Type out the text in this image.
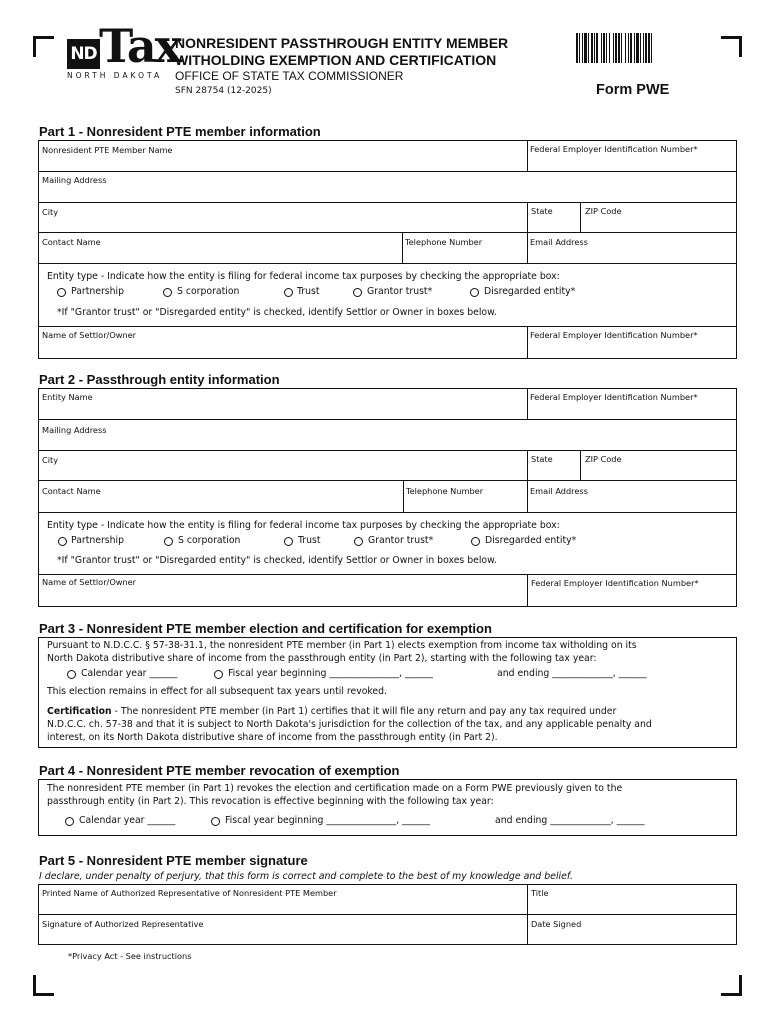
ND Tax
NORTH DAKOTA
NONRESIDENT PASSTHROUGH ENTITY MEMBER
WITHOLDING EXEMPTION AND CERTIFICATION
OFFICE OF STATE TAX COMMISSIONER
SFN 28754 (12-2025)	Form PWE
Part 1 - Nonresident PTE member information
Nonresident PTE Member Name	Federal Employer Identification Number*
Mailing Address
City	State	ZIP Code
Contact Name	Telephone Number	Email Address
Entity type - Indicate how the entity is filing for federal income tax purposes by checking the appropriate box:
Partnership	S corporation	Trust	Grantor trust*	Disregarded entity*
*If "Grantor trust" or "Disregarded entity" is checked, identify Settlor or Owner in boxes below.
Name of Settlor/Owner	Federal Employer Identification Number*
Part 2 - Passthrough entity information
Entity Name	Federal Employer Identification Number*
Mailing Address
City	State	ZIP Code
Contact Name	Telephone Number	Email Address
Entity type - Indicate how the entity is filing for federal income tax purposes by checking the appropriate box:
Partnership	S corporation	Trust	Grantor trust*	Disregarded entity*
*If "Grantor trust" or "Disregarded entity" is checked, identify Settlor or Owner in boxes below.
Name of Settlor/Owner	Federal Employer Identification Number*
Part 3 - Nonresident PTE member election and certification for exemption
Pursuant to N.D.C.C. § 57-38-31.1, the nonresident PTE member (in Part 1) elects exemption from income tax witholding on its
North Dakota distributive share of income from the passthrough entity (in Part 2), starting with the following tax year:
Calendar year ______	Fiscal year beginning _______________, ______	and ending _____________, ______
This election remains in effect for all subsequent tax years until revoked.
Certification - The nonresident PTE member (in Part 1) certifies that it will file any return and pay any tax required under
N.D.C.C. ch. 57-38 and that it is subject to North Dakota's jurisdiction for the collection of the tax, and any applicable penalty and
interest, on its North Dakota distributive share of income from the passthrough entity (in Part 2).
Part 4 - Nonresident PTE member revocation of exemption
The nonresident PTE member (in Part 1) revokes the election and certification made on a Form PWE previously given to the
passthrough entity (in Part 2). This revocation is effective beginning with the following tax year:
Calendar year ______	Fiscal year beginning _______________, ______	and ending _____________, ______
Part 5 - Nonresident PTE member signature
I declare, under penalty of perjury, that this form is correct and complete to the best of my knowledge and belief.
Printed Name of Authorized Representative of Nonresident PTE Member	Title
Signature of Authorized Representative	Date Signed
*Privacy Act - See instructions
